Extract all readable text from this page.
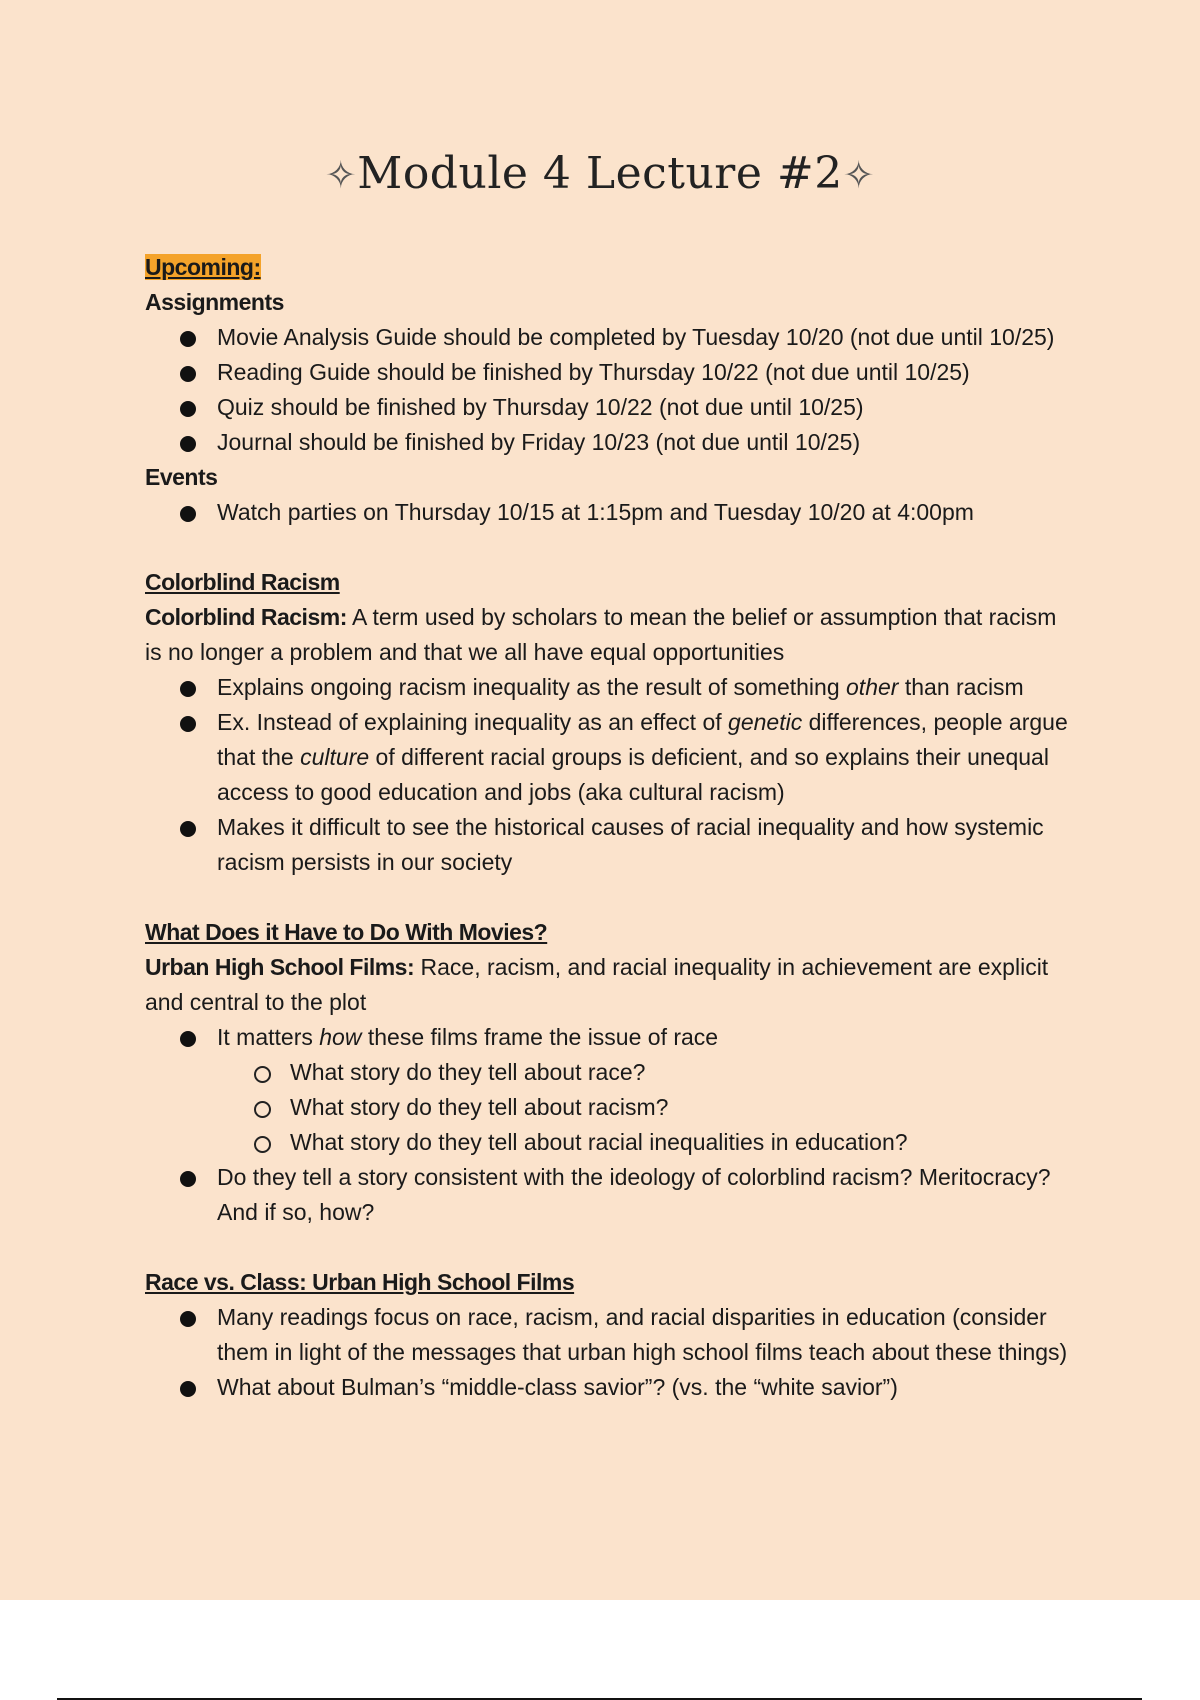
✧Module 4 Lecture #2✧
Upcoming:
Assignments
Movie Analysis Guide should be completed by Tuesday 10/20 (not due until 10/25)
Reading Guide should be finished by Thursday 10/22 (not due until 10/25)
Quiz should be finished by Thursday 10/22 (not due until 10/25)
Journal should be finished by Friday 10/23 (not due until 10/25)
Events
Watch parties on Thursday 10/15 at 1:15pm and Tuesday 10/20 at 4:00pm
Colorblind Racism
Colorblind Racism: A term used by scholars to mean the belief or assumption that racism is no longer a problem and that we all have equal opportunities
Explains ongoing racism inequality as the result of something other than racism
Ex. Instead of explaining inequality as an effect of genetic differences, people argue that the culture of different racial groups is deficient, and so explains their unequal access to good education and jobs (aka cultural racism)
Makes it difficult to see the historical causes of racial inequality and how systemic racism persists in our society
What Does it Have to Do With Movies?
Urban High School Films: Race, racism, and racial inequality in achievement are explicit and central to the plot
It matters how these films frame the issue of race
What story do they tell about race?
What story do they tell about racism?
What story do they tell about racial inequalities in education?
Do they tell a story consistent with the ideology of colorblind racism? Meritocracy? And if so, how?
Race vs. Class: Urban High School Films
Many readings focus on race, racism, and racial disparities in education (consider them in light of the messages that urban high school films teach about these things)
What about Bulman’s “middle-class savior”? (vs. the “white savior”)
